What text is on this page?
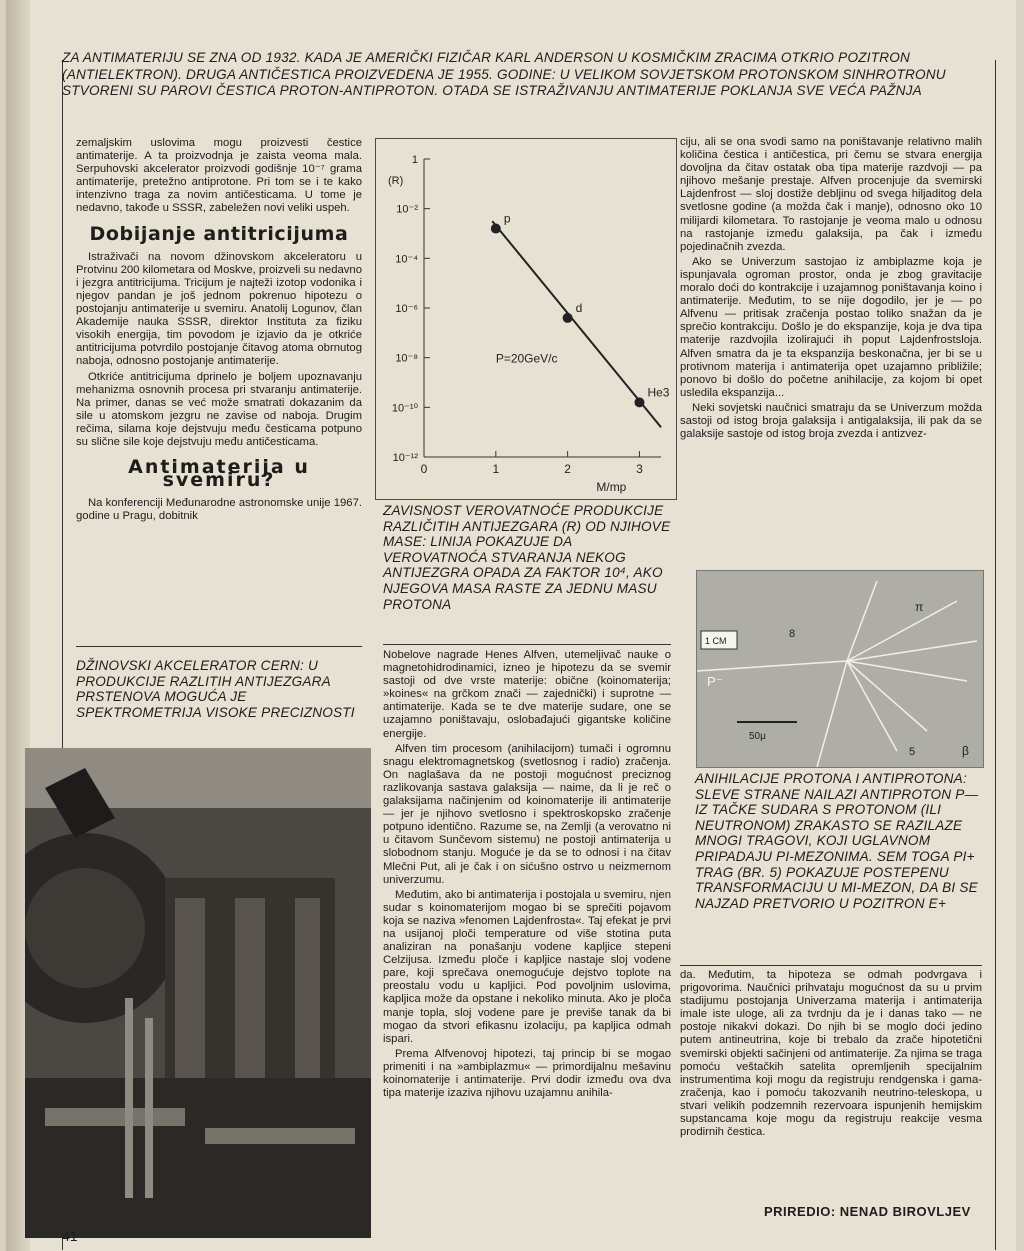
ZA ANTIMATERIJU SE ZNA OD 1932. KADA JE AMERIČKI FIZIČAR KARL ANDERSON U KOSMIČKIM ZRACIMA OTKRIO POZITRON (ANTIELEKTRON). DRUGA ANTIČESTICA PROIZVEDENA JE 1955. GODINE: U VELIKOM SOVJETSKOM PROTONSKOM SINHROTRONU STVORENI SU PAROVI ČESTICA PROTON-ANTIPROTON. OTADA SE ISTRAŽIVANJU ANTIMATERIJE POKLANJA SVE VEĆA PAŽNJA

zemaljskim uslovima mogu proizvesti čestice antimaterije. A ta proizvodnja je zaista veoma mala. Serpuhovski akcelerator proizvodi godišnje 10⁻⁷ grama antimaterije, pretežno antiprotone. Pri tom se i te kako intenzivno traga za novim antičesticama. U tome je nedavno, takođe u SSSR, zabeležen novi veliki uspeh.

Dobijanje antitricijuma

Istraživači na novom džinovskom akceleratoru u Protvinu 200 kilometara od Moskve, proizveli su nedavno i jezgra antitricijuma. Tricijum je najteži izotop vodonika i njegov pandan je još jednom pokrenuo hipotezu o postojanju antimaterije u svemiru. Anatolij Logunov, član Akademije nauka SSSR, direktor Instituta za fiziku visokih energija, tim povodom je izjavio da je otkriće antitricijuma potvrdilo postojanje čitavog atoma obrnutog naboja, odnosno postojanje antimaterije.

Otkriće antitricijuma dprinelo je boljem upoznavanju mehanizma osnovnih procesa pri stvaranju antimaterije. Na primer, danas se već može smatrati dokazanim da sile u atomskom jezgru ne zavise od naboja. Drugim rečima, silama koje dejstvuju među česticama potpuno su slične sile koje dejstvuju među antičesticama.

Antimaterija u svemiru?

Na konferenciji Međunarodne astronomske unije 1967. godine u Pragu, dobitnik

DŽINOVSKI AKCELERATOR CERN: U PRODUKCIJE RAZLITIH ANTIJEZGARA PRSTENOVA MOGUĆA JE SPEKTROMETRIJA VISOKE PRECIZNOSTI
1
10⁻²
10⁻⁴
10⁻⁶
10⁻⁸
10⁻¹⁰
10⁻¹²
0	1	2	3
(R)
M/mp
P=20GeV/c
p
d
He3
ZAVISNOST VEROVATNOĆE PRODUKCIJE RAZLIČITIH ANTIJEZGARA (R) OD NJIHOVE MASE: LINIJA POKAZUJE DA VEROVATNOĆA STVARANJA NEKOG ANTIJEZGRA OPADA ZA FAKTOR 10⁴, AKO NJEGOVA MASA RASTE ZA JEDNU MASU PROTONA

Nobelove nagrade Henes Alfven, utemeljivač nauke o magnetohidrodinamici, izneo je hipotezu da se svemir sastoji od dve vrste materije: obične (koinomaterija; »koines« na grčkom znači — zajednički) i suprotne — antimaterije. Kada se te dve materije sudare, one se uzajamno poništavaju, oslobađajući gigantske količine energije.

Alfven tim procesom (anihilacijom) tumači i ogromnu snagu elektromagnetskog (svetlosnog i radio) zračenja. On naglašava da ne postoji mogućnost preciznog razlikovanja sastava galaksija — naime, da li je reč o galaksijama načinjenim od koinomaterije ili antimaterije — jer je njihovo svetlosno i spektroskopsko zračenje potpuno identično. Razume se, na Zemlji (a verovatno ni u čitavom Sunčevom sistemu) ne postoji antimaterija u slobodnom stanju. Moguće je da se to odnosi i na čitav Mlečni Put, ali je čak i on sićušno ostrvo u neizmernom univerzumu.

Međutim, ako bi antimaterija i postojala u svemiru, njen sudar s koinomaterijom mogao bi se sprečiti pojavom koja se naziva »fenomen Lajdenfrosta«. Taj efekat je prvi na usijanoj ploči temperature od više stotina puta analiziran na ponašanju vodene kapljice stepeni Celzijusa. Između ploče i kapljice nastaje sloj vodene pare, koji sprečava onemogućuje dejstvo toplote na preostalu vodu u kapljici. Pod povoljnim uslovima, kapljica može da opstane i nekoliko minuta. Ako je ploča manje topla, sloj vodene pare je previše tanak da bi mogao da stvori efikasnu izolaciju, pa kapljica odmah ispari.

Prema Alfvenovoj hipotezi, taj princip bi se mogao primeniti i na »ambiplazmu« — primordijalnu mešavinu koinomaterije i antimaterije. Prvi dodir između ova dva tipa materije izaziva njihovu uzajamnu anihila-

ciju, ali se ona svodi samo na poništavanje relativno malih količina čestica i antičestica, pri čemu se stvara energija dovoljna da čitav ostatak oba tipa materije razdvoji — pa njihovo mešanje prestaje. Alfven procenjuje da svemirski Lajdenfrost — sloj dostiže debljinu od svega hiljaditog dela svetlosne godine (a možda čak i manje), odnosno oko 10 milijardi kilometara. To rastojanje je veoma malo u odnosu na rastojanje između galaksija, pa čak i između pojedinačnih zvezda.

Ako se Univerzum sastojao iz ambiplazme koja je ispunjavala ogroman prostor, onda je zbog gravitacije moralo doći do kontrakcije i uzajamnog poništavanja koino i antimaterije. Međutim, to se nije dogodilo, jer je — po Alfvenu — pritisak zračenja postao toliko snažan da je sprečio kontrakciju. Došlo je do ekspanzije, koja je dva tipa materije razdvojila izolirajući ih poput Lajdenfrostsloja. Alfven smatra da je ta ekspanzija beskonačna, jer bi se u protivnom materija i antimaterija opet uzajamno približile; ponovo bi došlo do početne anihilacije, za kojom bi opet usledila ekspanzija...

Neki sovjetski naučnici smatraju da se Univerzum možda sastoji od istog broja galaksija i antigalaksija, ili pak da se galaksije sastoje od istog broja zvezda i antizvez-

1 CM
P⁻
8
5
π
β
50μ
ANIHILACIJE PROTONA I ANTIPROTONA: SLEVE STRANE NAILAZI ANTIPROTON P— IZ TAČKE SUDARA S PROTONOM (ILI NEUTRONOM) ZRAKASTO SE RAZILAZE MNOGI TRAGOVI, KOJI UGLAVNOM PRIPADAJU PI-MEZONIMA. SEM TOGA PI+ TRAG (BR. 5) POKAZUJE POSTEPENU TRANSFORMACIJU U MI-MEZON, DA BI SE NAJZAD PRETVORIO U POZITRON E+

da. Međutim, ta hipoteza se odmah podvrgava i prigovorima. Naučnici prihvataju mogućnost da su u prvim stadijumu postojanja Univerzama materija i antimaterija imale iste uloge, ali za tvrdnju da je i danas tako — ne postoje nikakvi dokazi. Do njih bi se moglo doći jedino putem antineutrina, koje bi trebalo da zrače hipotetični svemirski objekti sačinjeni od antimaterije. Za njima se traga pomoću veštačkih satelita opremljenih specijalnim instrumentima koji mogu da registruju rendgenska i gama-zračenja, kao i pomoću takozvanih neutrino-teleskopa, u stvari velikih podzemnih rezervoara ispunjenih hemijskim supstancama koje mogu da registruju reakcije vesma prodirnih čestica.

PRIREDIO: NENAD BIROVLJEV
41
